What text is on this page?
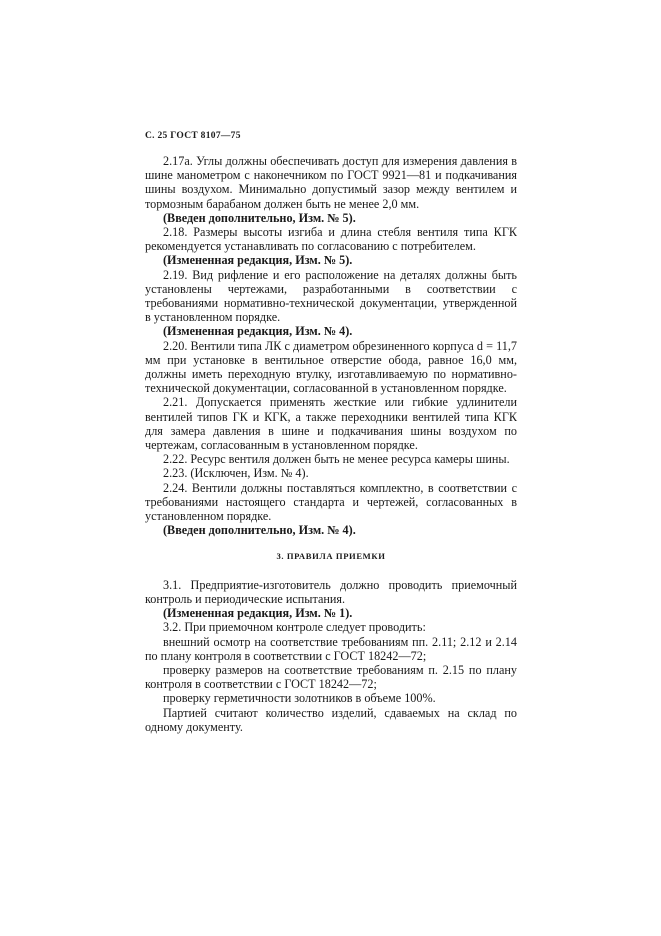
С. 25 ГОСТ 8107—75

2.17а. Углы должны обеспечивать доступ для измерения давления в шине манометром с наконечником по ГОСТ 9921—81 и подкачивания шины воздухом. Минимально допустимый зазор между вентилем и тормозным барабаном должен быть не менее 2,0 мм.

(Введен дополнительно, Изм. № 5).

2.18. Размеры высоты изгиба и длина стебля вентиля типа КГК рекомендуется устанавливать по согласованию с потребителем.

(Измененная редакция, Изм. № 5).

2.19. Вид рифление и его расположение на деталях должны быть установлены чертежами, разработанными в соответствии с требованиями нормативно-технической документации, утвержденной в установленном порядке.

(Измененная редакция, Изм. № 4).

2.20. Вентили типа ЛК с диаметром обрезиненного корпуса d = 11,7 мм при установке в вентильное отверстие обода, равное 16,0 мм, должны иметь переходную втулку, изготавливаемую по нормативно-технической документации, согласованной в установленном порядке.

2.21. Допускается применять жесткие или гибкие удлинители вентилей типов ГК и КГК, а также переходники вентилей типа КГК для замера давления в шине и подкачивания шины воздухом по чертежам, согласованным в установленном порядке.

2.22. Ресурс вентиля должен быть не менее ресурса камеры шины.

2.23. (Исключен, Изм. № 4).

2.24. Вентили должны поставляться комплектно, в соответствии с требованиями настоящего стандарта и чертежей, согласованных в установленном порядке.

(Введен дополнительно, Изм. № 4).

3. ПРАВИЛА ПРИЕМКИ

3.1. Предприятие-изготовитель должно проводить приемочный контроль и периодические испытания.

(Измененная редакция, Изм. № 1).

3.2. При приемочном контроле следует проводить:

внешний осмотр на соответствие требованиям пп. 2.11; 2.12 и 2.14 по плану контроля в соответствии с ГОСТ 18242—72;

проверку размеров на соответствие требованиям п. 2.15 по плану контроля в соответствии с ГОСТ 18242—72;

проверку герметичности золотников в объеме 100%.

Партией считают количество изделий, сдаваемых на склад по одному документу.
